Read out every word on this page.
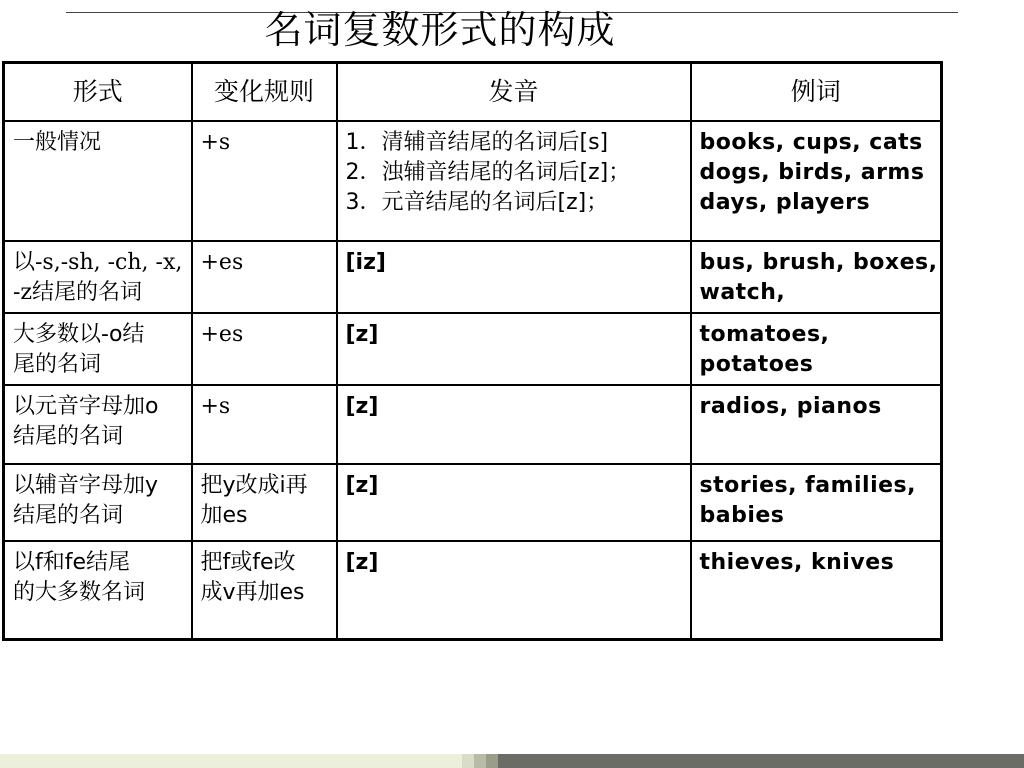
名词复数形式的构成
形式	变化规则	发音	例词

一般情况	+s	1．清辅音结尾的名词后[s]
2．浊辅音结尾的名词后[z]；
3．元音结尾的名词后[z]；	books, cups, cats
dogs, birds, arms
days, players

以-s,-sh, -ch, -x,
-z结尾的名词	+es	[iz]	bus, brush, boxes,
watch,

大多数以-o结
尾的名词	+es	[z]	tomatoes,
potatoes

以元音字母加o
结尾的名词	+s	[z]	radios, pianos

以辅音字母加y
结尾的名词	把y改成i再
加es	[z]	stories, families,
babies

以f和fe结尾
的大多数名词	把f或fe改
成v再加es	[z]	thieves, knives
